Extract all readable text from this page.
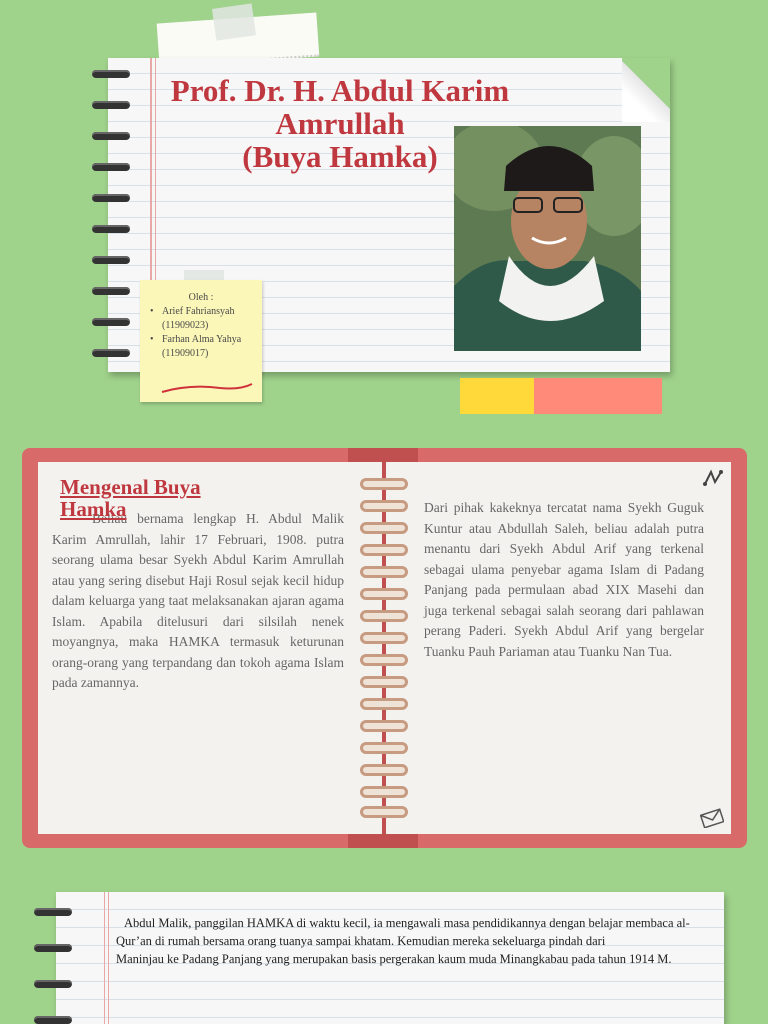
Prof. Dr. H. Abdul Karim
Amrullah
(Buya Hamka)
Oleh :
• Arief Fahriansyah
(11909023)
• Farhan Alma Yahya
(11909017)
Beliau bernama lengkap H. Abdul Malik Karim Amrullah, lahir 17 Februari, 1908. putra seorang ulama besar Syekh Abdul Karim Amrullah atau yang sering disebut Haji Rosul sejak kecil hidup dalam keluarga yang taat melaksanakan ajaran agama Islam. Apabila ditelusuri dari silsilah nenek moyangnya, maka HAMKA termasuk keturunan orang-orang yang terpandang dan tokoh agama Islam pada zamannya.
Mengenal Buya
Hamka	Dari pihak kakeknya tercatat nama Syekh Guguk Kuntur atau Abdullah Saleh, beliau adalah putra menantu dari Syekh Abdul Arif yang terkenal sebagai ulama penyebar agama Islam di Padang Panjang pada permulaan abad XIX Masehi dan juga terkenal sebagai salah seorang dari pahlawan perang Paderi. Syekh Abdul Arif yang bergelar Tuanku Pauh Pariaman atau Tuanku Nan Tua.
Abdul Malik, panggilan HAMKA di waktu kecil, ia mengawali masa pendidikannya dengan belajar membaca al-Qur’an di rumah bersama orang tuanya sampai khatam. Kemudian mereka sekeluarga pindah dari
Maninjau ke Padang Panjang yang merupakan basis pergerakan kaum muda Minangkabau pada tahun 1914 M.
